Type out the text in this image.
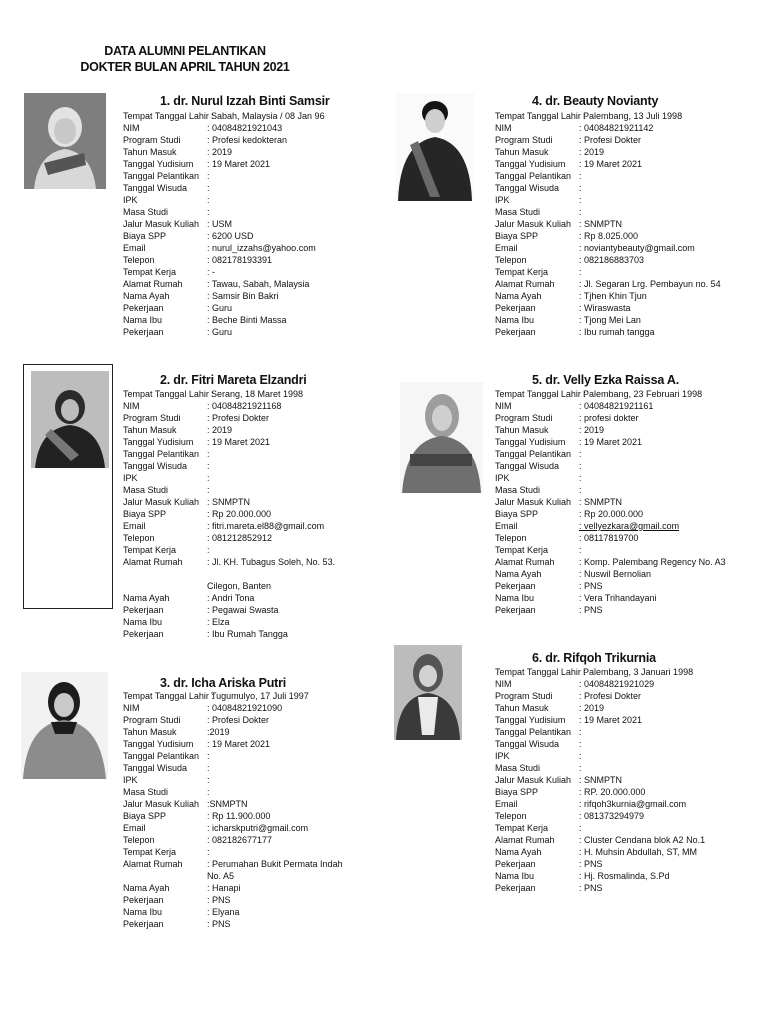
DATA ALUMNI PELANTIKAN
DOKTER BULAN APRIL TAHUN 2021
1. dr. Nurul Izzah Binti Samsir
2. dr. Fitri Mareta Elzandri
3. dr. Icha Ariska Putri
4. dr. Beauty Novianty
5. dr. Velly Ezka Raissa A.
6. dr. Rifqoh Trikurnia
Tempat Tanggal Lahir :
Sabah, Malaysia / 08 Jan 96
NIM	: 04084821921043
Program Studi	: Profesi kedokteran
Tahun Masuk	: 2019
Tanggal Yudisium : 19 Maret 2021
Tanggal Pelantikan :
Tanggal Wisuda :
IPK	:
Masa Studi	:
Jalur Masuk Kuliah : USM
Biaya SPP	: 6200 USD
Email	: nurul_izzahs@yahoo.com
Telepon	: 082178193391
Tempat Kerja	: -
Alamat Rumah	: Tawau, Sabah, Malaysia
Nama Ayah	: Samsir Bin Bakri
Pekerjaan	: Guru
Nama Ibu	: Beche Binti Massa
Pekerjaan	: Guru
Tempat Tanggal Lahir :
Serang, 18 Maret 1998
NIM	: 04084821921168
Program Studi	: Profesi Dokter
Tahun Masuk	: 2019
Tanggal Yudisium : 19 Maret 2021
Tanggal Pelantikan :
Tanggal Wisuda :
IPK	:
Masa Studi	:
Jalur Masuk Kuliah : SNMPTN
Biaya SPP	: Rp 20.000.000
Email	: fitri.mareta.el88@gmail.com
Telepon	: 081212852912
Tempat Kerja	:
Alamat Rumah	: Jl. KH. Tubagus Soleh, No. 53.
Cilegon, Banten
Nama Ayah	: Andri Tona
Pekerjaan	: Pegawai Swasta
Nama Ibu	: Elza
Pekerjaan	: Ibu Rumah Tangga
Tempat Tanggal Lahir :
Tugumulyo, 17 Juli 1997
NIM	: 04084821921090
Program Studi	: Profesi Dokter
Tahun Masuk	:2019
Tanggal Yudisium : 19 Maret 2021
Tanggal Pelantikan :
Tanggal Wisuda :
IPK	:
Masa Studi	:
Jalur Masuk Kuliah :SNMPTN
Biaya SPP	: Rp 11.900.000
Email	: icharskputri@gmail.com
Telepon	: 082182677177
Tempat Kerja	:
Alamat Rumah	: Perumahan Bukit Permata Indah
No. A5
Nama Ayah	: Hanapi
Pekerjaan	: PNS
Nama Ibu	: Elyana
Pekerjaan	: PNS
Tempat Tanggal Lahir :
Palembang, 13 Juli 1998
NIM	: 04084821921142
Program Studi	: Profesi Dokter
Tahun Masuk	: 2019
Tanggal Yudisium : 19 Maret 2021
Tanggal Pelantikan :
Tanggal Wisuda :
IPK	:
Masa Studi	:
Jalur Masuk Kuliah : SNMPTN
Biaya SPP	: Rp 8.025.000
Email	: noviantybeauty@gmail.com
Telepon	: 082186883703
Tempat Kerja	:
Alamat Rumah	: Jl. Segaran Lrg. Pembayun no. 54
Nama Ayah	: Tjhen Khin Tjun
Pekerjaan	: Wiraswasta
Nama Ibu	: Tjong Mei Lan
Pekerjaan	: Ibu rumah tangga
Tempat Tanggal Lahir :
Palembang, 23 Februari 1998
NIM	: 04084821921161
Program Studi	: profesi dokter
Tahun Masuk	: 2019
Tanggal Yudisium : 19 Maret 2021
Tanggal Pelantikan :
Tanggal Wisuda :
IPK	:
Masa Studi	:
Jalur Masuk Kuliah : SNMPTN
Biaya SPP	: Rp 20.000.000
Email	: vellyezkara@gmail.com
Telepon	: 08117819700
Tempat Kerja	:
Alamat Rumah	: Komp. Palembang Regency No. A3
Nama Ayah	: Nuswil Bernolian
Pekerjaan	: PNS
Nama Ibu	: Vera Trihandayani
Pekerjaan	: PNS
Tempat Tanggal Lahir :
Palembang, 3 Januari 1998
NIM	: 04084821921029
Program Studi	: Profesi Dokter
Tahun Masuk	: 2019
Tanggal Yudisium : 19 Maret 2021
Tanggal Pelantikan :
Tanggal Wisuda :
IPK	:
Masa Studi	:
Jalur Masuk Kuliah : SNMPTN
Biaya SPP	: RP. 20.000.000
Email	: rifqoh3kurnia@gmail.com
Telepon	: 081373294979
Tempat Kerja	:
Alamat Rumah	: Cluster Cendana blok A2 No.1
Nama Ayah	: H. Muhsin Abdullah, ST, MM
Pekerjaan	: PNS
Nama Ibu	: Hj. Rosmalinda, S.Pd
Pekerjaan	: PNS
